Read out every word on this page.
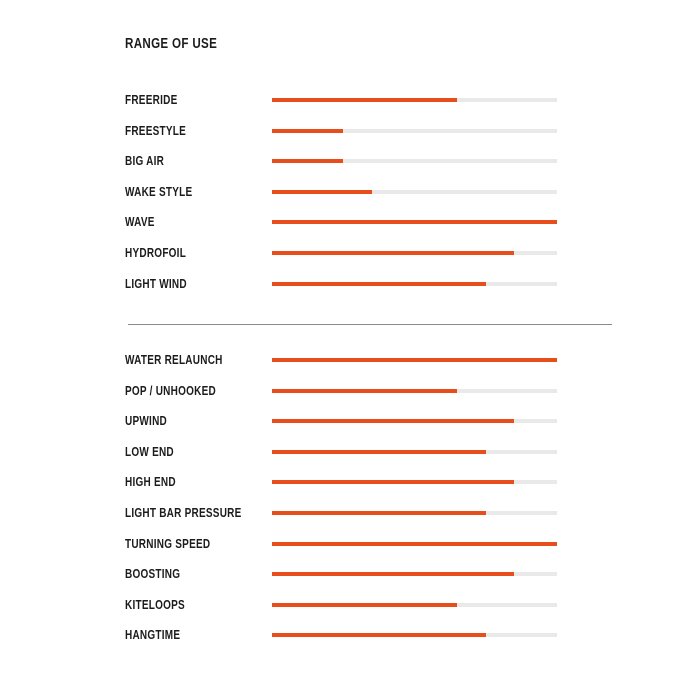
RANGE OF USE
FREERIDE
FREESTYLE
BIG AIR
WAKE STYLE
WAVE
HYDROFOIL
LIGHT WIND
WATER RELAUNCH
POP / UNHOOKED
UPWIND
LOW END
HIGH END
LIGHT BAR PRESSURE
TURNING SPEED
BOOSTING
KITELOOPS
HANGTIME
